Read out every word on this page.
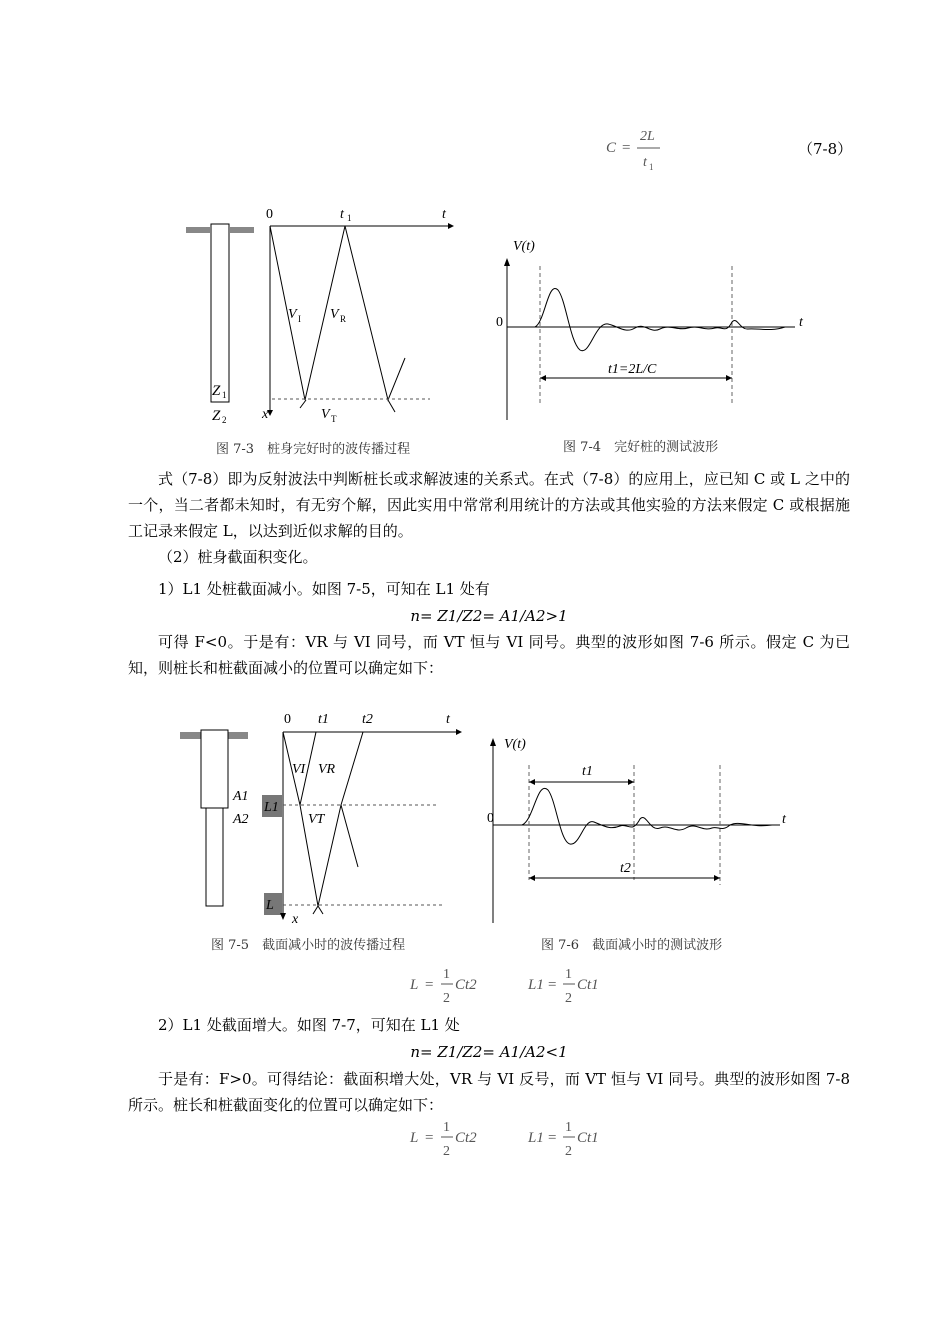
C =
2L
t 1
（7-8）
Z 1
Z 2
0	t 1	t
x
V I V R
V T
图 7-3　桩身完好时的波传播过程
V(t)
0	t
t1=2L/C
图 7-4　完好桩的测试波形
式（7-8）即为反射波法中判断桩长或求解波速的关系式。在式（7-8）的应用上，应已知 C 或 L 之中的一个，当二者都未知时，有无穷个解，因此实用中常常利用统计的方法或其他实验的方法来假定 C 或根据施工记录来假定 L，以达到近似求解的目的。
（2）桩身截面积变化。
1）L1 处桩截面减小。如图 7-5，可知在 L1 处有
n= Z1/Z2= A1/A2>1
可得 F<0。于是有：VR 与 VI 同号，而 VT 恒与 VI 同号。典型的波形如图 7-6 所示。假定 C 为已知，则桩长和桩截面减小的位置可以确定如下：
A1
A2
L1
L
0 t1 t2	t
x
VI VR
VT
图 7-5　截面减小时的波传播过程
V(t)
0	t
t1
t2
图 7-6　截面减小时的测试波形
L =
1
2
Ct2	L1 =
1
2
Ct1
2）L1 处截面增大。如图 7-7，可知在 L1 处
n= Z1/Z2= A1/A2<1
于是有：F>0。可得结论：截面积增大处，VR 与 VI 反号，而 VT 恒与 VI 同号。典型的波形如图 7-8 所示。桩长和桩截面变化的位置可以确定如下：
L =
1
2
Ct2	L1 =
1
2
Ct1
